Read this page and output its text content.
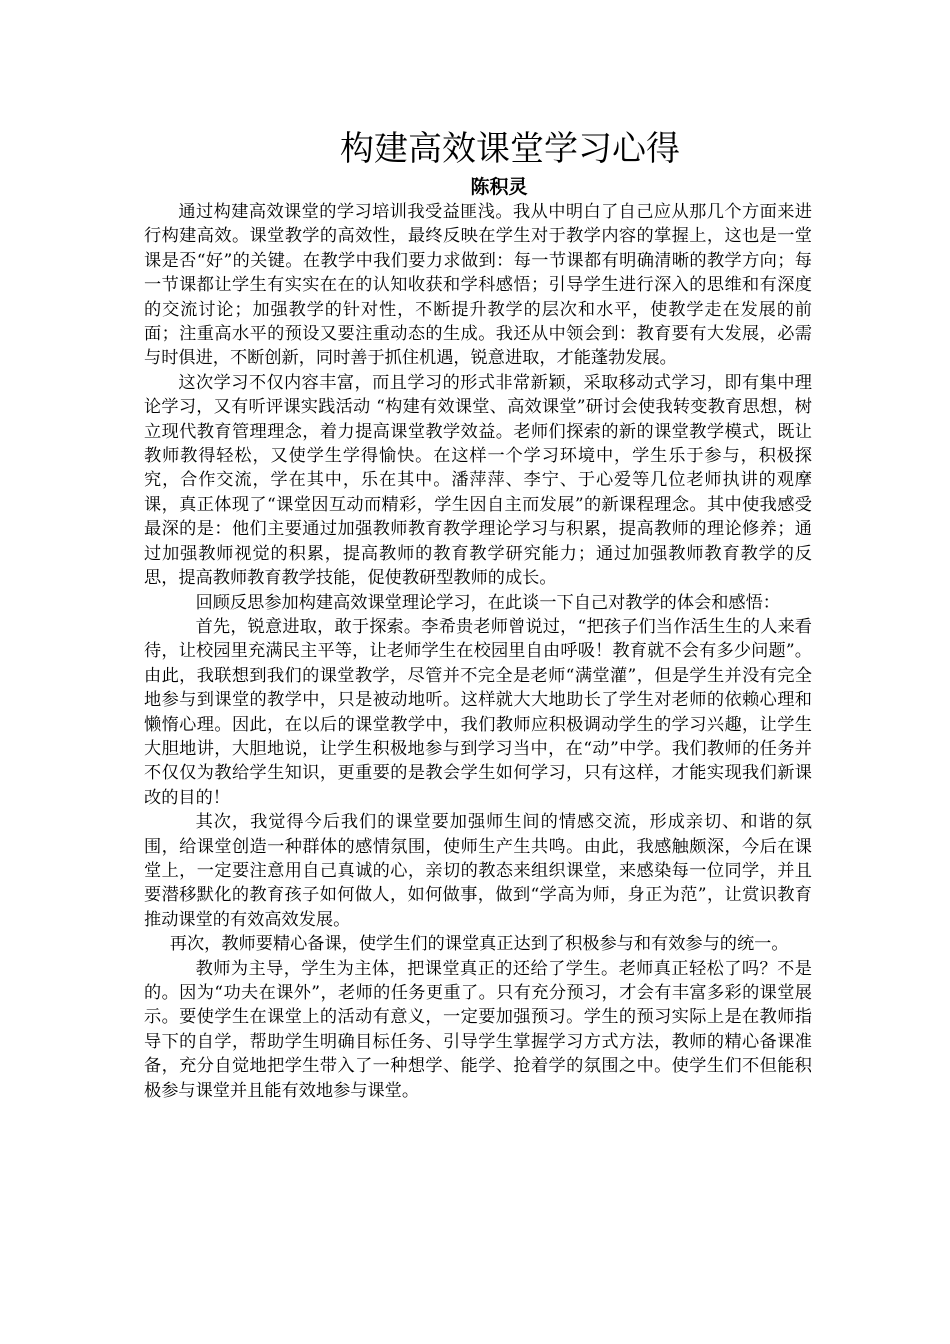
构建高效课堂学习心得
陈积灵

通过构建高效课堂的学习培训我受益匪浅。我从中明白了自己应从那几个方面来进行构建高效。课堂教学的高效性，最终反映在学生对于教学内容的掌握上，这也是一堂课是否“好”的关键。在教学中我们要力求做到：每一节课都有明确清晰的教学方向；每一节课都让学生有实实在在的认知收获和学科感悟；引导学生进行深入的思维和有深度的交流讨论；加强教学的针对性，不断提升教学的层次和水平，使教学走在发展的前面；注重高水平的预设又要注重动态的生成。我还从中领会到：教育要有大发展，必需与时俱进，不断创新，同时善于抓住机遇，锐意进取，才能蓬勃发展。

这次学习不仅内容丰富，而且学习的形式非常新颖，采取移动式学习，即有集中理论学习，又有听评课实践活动 “构建有效课堂、高效课堂”研讨会使我转变教育思想，树立现代教育管理理念，着力提高课堂教学效益。老师们探索的新的课堂教学模式，既让教师教得轻松，又使学生学得愉快。在这样一个学习环境中，学生乐于参与，积极探究，合作交流，学在其中，乐在其中。潘萍萍、李宁、于心爱等几位老师执讲的观摩课，真正体现了“课堂因互动而精彩，学生因自主而发展”的新课程理念。其中使我感受最深的是：他们主要通过加强教师教育教学理论学习与积累，提高教师的理论修养；通过加强教师视觉的积累，提高教师的教育教学研究能力；通过加强教师教育教学的反思，提高教师教育教学技能，促使教研型教师的成长。

回顾反思参加构建高效课堂理论学习，在此谈一下自己对教学的体会和感悟：

首先，锐意进取，敢于探索。李希贵老师曾说过，“把孩子们当作活生生的人来看待，让校园里充满民主平等，让老师学生在校园里自由呼吸！教育就不会有多少问题”。由此，我联想到我们的课堂教学，尽管并不完全是老师“满堂灌”，但是学生并没有完全地参与到课堂的教学中，只是被动地听。这样就大大地助长了学生对老师的依赖心理和懒惰心理。因此，在以后的课堂教学中，我们教师应积极调动学生的学习兴趣，让学生大胆地讲，大胆地说，让学生积极地参与到学习当中，在“动”中学。我们教师的任务并不仅仅为教给学生知识，更重要的是教会学生如何学习，只有这样，才能实现我们新课改的目的！

其次，我觉得今后我们的课堂要加强师生间的情感交流，形成亲切、和谐的氛围，给课堂创造一种群体的感情氛围，使师生产生共鸣。由此，我感触颇深，今后在课堂上，一定要注意用自己真诚的心，亲切的教态来组织课堂，来感染每一位同学，并且要潜移默化的教育孩子如何做人，如何做事，做到“学高为师，身正为范”，让赏识教育推动课堂的有效高效发展。

再次，教师要精心备课，使学生们的课堂真正达到了积极参与和有效参与的统一。

教师为主导，学生为主体，把课堂真正的还给了学生。老师真正轻松了吗？不是的。因为“功夫在课外”，老师的任务更重了。只有充分预习，才会有丰富多彩的课堂展示。要使学生在课堂上的活动有意义，一定要加强预习。学生的预习实际上是在教师指导下的自学，帮助学生明确目标任务、引导学生掌握学习方式方法，教师的精心备课准备，充分自觉地把学生带入了一种想学、能学、抢着学的氛围之中。使学生们不但能积极参与课堂并且能有效地参与课堂。
